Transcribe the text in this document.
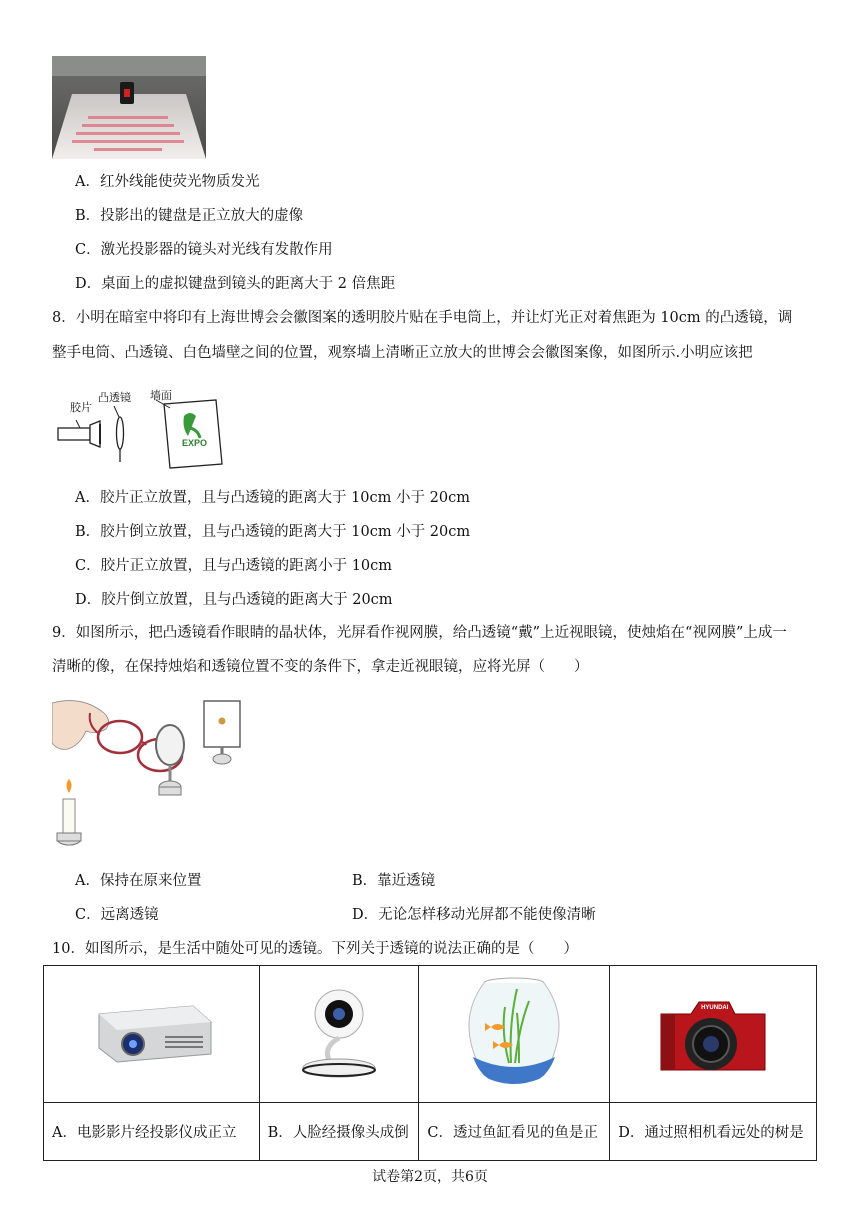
A．红外线能使荧光物质发光
B．投影出的键盘是正立放大的虚像
C．激光投影器的镜头对光线有发散作用
D．桌面上的虚拟键盘到镜头的距离大于 2 倍焦距
8．小明在暗室中将印有上海世博会会徽图案的透明胶片贴在手电筒上，并让灯光正对着焦距为 10cm 的凸透镜，调
整手电筒、凸透镜、白色墙壁之间的位置，观察墙上清晰正立放大的世博会会徽图案像，如图所示.小明应该把
胶片
凸透镜 墙面
EXPO
A．胶片正立放置，且与凸透镜的距离大于 10cm 小于 20cm
B．胶片倒立放置，且与凸透镜的距离大于 10cm 小于 20cm
C．胶片正立放置，且与凸透镜的距离小于 10cm
D．胶片倒立放置，且与凸透镜的距离大于 20cm
9．如图所示，把凸透镜看作眼睛的晶状体，光屏看作视网膜，给凸透镜“戴”上近视眼镜，使烛焰在“视网膜”上成一
清晰的像，在保持烛焰和透镜位置不变的条件下，拿走近视眼镜，应将光屏（　　）
A．保持在原来位置	B．靠近透镜
C．远离透镜	D．无论怎样移动光屏都不能使像清晰
10．如图所示，是生活中随处可见的透镜。下列关于透镜的说法正确的是（　　）

HYUNDAI

A．电影影片经投影仪成正立	B．人脸经摄像头成倒	C．透过鱼缸看见的鱼是正	D．通过照相机看远处的树是
试卷第2页，共6页
